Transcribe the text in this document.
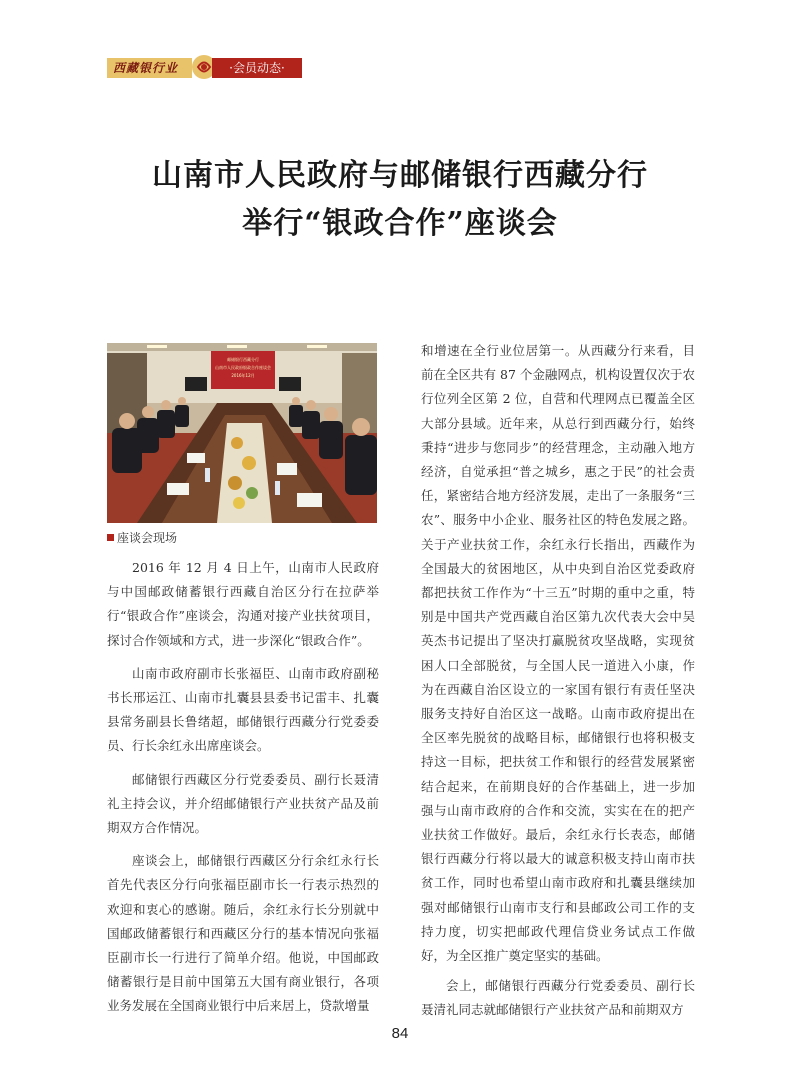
西藏银行业	·会员动态·
山南市人民政府与邮储银行西藏分行
举行“银政合作”座谈会
邮储银行西藏分行
山南市人民政府银政合作座谈会
2016年12月
座谈会现场

2016 年 12 月 4 日上午，山南市人民政府与中国邮政储蓄银行西藏自治区分行在拉萨举行“银政合作”座谈会，沟通对接产业扶贫项目，探讨合作领域和方式，进一步深化“银政合作”。

山南市政府副市长张福臣、山南市政府副秘书长邢运江、山南市扎囊县县委书记雷丰、扎囊县常务副县长鲁绪超，邮储银行西藏分行党委委员、行长余红永出席座谈会。

邮储银行西藏区分行党委委员、副行长聂清礼主持会议，并介绍邮储银行产业扶贫产品及前期双方合作情况。

座谈会上，邮储银行西藏区分行余红永行长首先代表区分行向张福臣副市长一行表示热烈的欢迎和衷心的感谢。随后，余红永行长分别就中国邮政储蓄银行和西藏区分行的基本情况向张福臣副市长一行进行了简单介绍。他说，中国邮政储蓄银行是目前中国第五大国有商业银行，各项业务发展在全国商业银行中后来居上，贷款增量

和增速在全行业位居第一。从西藏分行来看，目前在全区共有 87 个金融网点，机构设置仅次于农行位列全区第 2 位，自营和代理网点已覆盖全区大部分县域。近年来，从总行到西藏分行，始终秉持“进步与您同步”的经营理念，主动融入地方经济，自觉承担“普之城乡，惠之于民”的社会责任，紧密结合地方经济发展，走出了一条服务“三农”、服务中小企业、服务社区的特色发展之路。关于产业扶贫工作，余红永行长指出，西藏作为全国最大的贫困地区，从中央到自治区党委政府都把扶贫工作作为“十三五”时期的重中之重，特别是中国共产党西藏自治区第九次代表大会中吴英杰书记提出了坚决打赢脱贫攻坚战略，实现贫困人口全部脱贫，与全国人民一道进入小康，作为在西藏自治区设立的一家国有银行有责任坚决服务支持好自治区这一战略。山南市政府提出在全区率先脱贫的战略目标，邮储银行也将积极支持这一目标，把扶贫工作和银行的经营发展紧密结合起来，在前期良好的合作基础上，进一步加强与山南市政府的合作和交流，实实在在的把产业扶贫工作做好。最后，余红永行长表态，邮储银行西藏分行将以最大的诚意积极支持山南市扶贫工作，同时也希望山南市政府和扎囊县继续加强对邮储银行山南市支行和县邮政公司工作的支持力度，切实把邮政代理信贷业务试点工作做好，为全区推广奠定坚实的基础。

会上，邮储银行西藏分行党委委员、副行长聂清礼同志就邮储银行产业扶贫产品和前期双方

84
